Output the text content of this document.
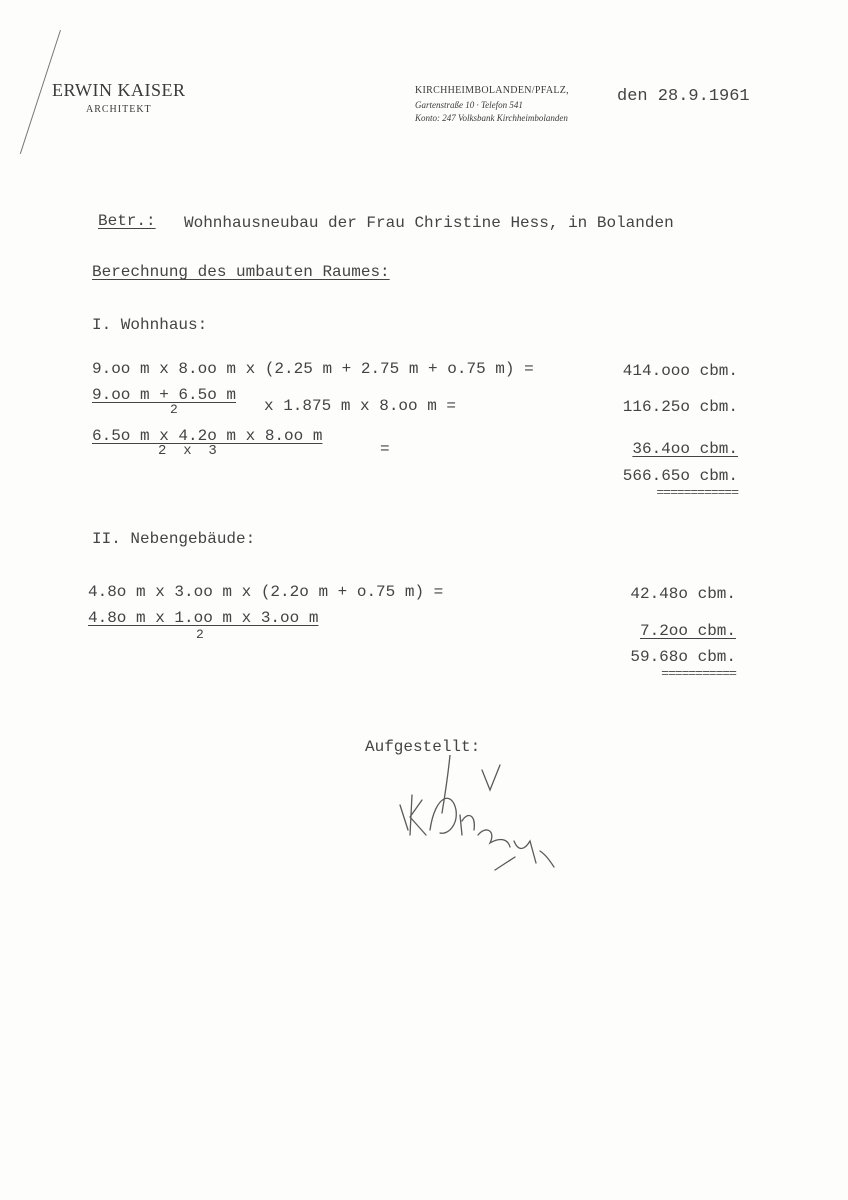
ERWIN KAISER
ARCHITEKT
KIRCHHEIMBOLANDEN/PFALZ,
Gartenstraße 10 · Telefon 541
Konto: 247 Volksbank Kirchheimbolanden
den 28.9.1961
Betr.: Wohnhausneubau der Frau Christine Hess, in Bolanden
Berechnung des umbauten Raumes:
I. Wohnhaus:
9.oo m x 8.oo m x (2.25 m + 2.75 m + o.75 m) =	414.ooo cbm.
9.oo m + 6.5o m
2	x 1.875 m x 8.oo m =	116.25o cbm.
6.5o m x 4.2o m x 8.oo m
2  x  3	=	36.4oo cbm.
566.65o cbm.
============
II. Nebengebäude:
4.8o m x 3.oo m x (2.2o m + o.75 m) =	42.48o cbm.
4.8o m x 1.oo m x 3.oo m
2	7.2oo cbm.
59.68o cbm.
===========
Aufgestellt:
